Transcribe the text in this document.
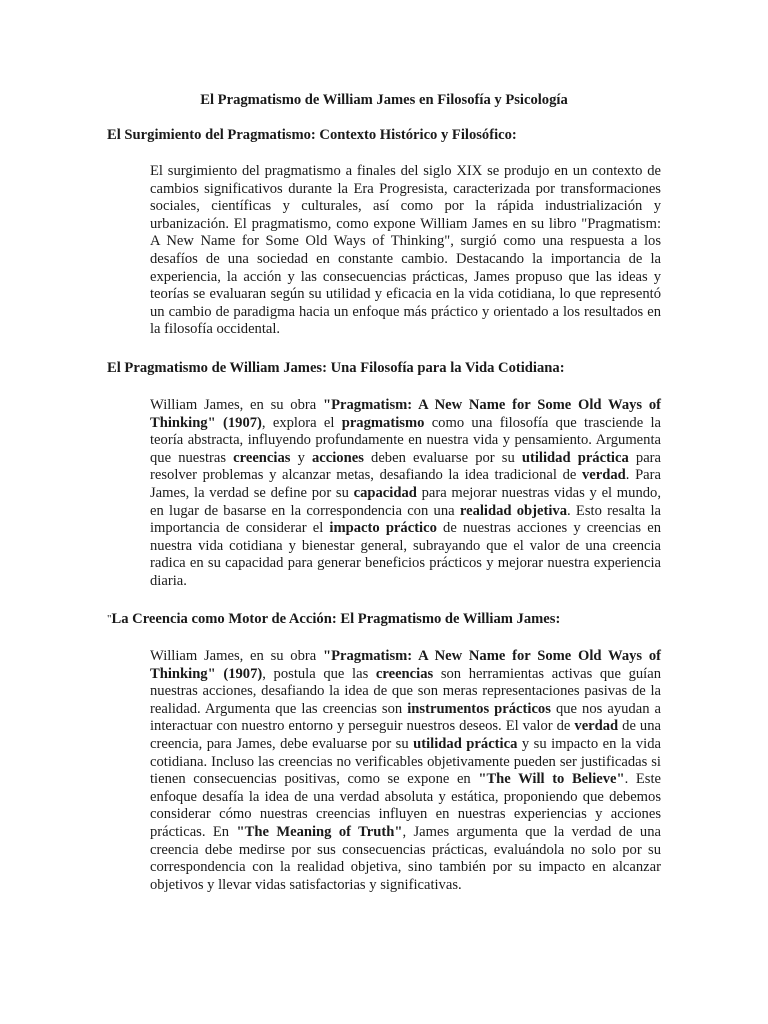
El Pragmatismo de William James en Filosofía y Psicología
El Surgimiento del Pragmatismo: Contexto Histórico y Filosófico:

El surgimiento del pragmatismo a finales del siglo XIX se produjo en un contexto de cambios significativos durante la Era Progresista, caracterizada por transformaciones sociales, científicas y culturales, así como por la rápida industrialización y urbanización. El pragmatismo, como expone William James en su libro "Pragmatism: A New Name for Some Old Ways of Thinking", surgió como una respuesta a los desafíos de una sociedad en constante cambio. Destacando la importancia de la experiencia, la acción y las consecuencias prácticas, James propuso que las ideas y teorías se evaluaran según su utilidad y eficacia en la vida cotidiana, lo que representó un cambio de paradigma hacia un enfoque más práctico y orientado a los resultados en la filosofía occidental.

El Pragmatismo de William James: Una Filosofía para la Vida Cotidiana:

William James, en su obra "Pragmatism: A New Name for Some Old Ways of Thinking" (1907), explora el pragmatismo como una filosofía que trasciende la teoría abstracta, influyendo profundamente en nuestra vida y pensamiento. Argumenta que nuestras creencias y acciones deben evaluarse por su utilidad práctica para resolver problemas y alcanzar metas, desafiando la idea tradicional de verdad. Para James, la verdad se define por su capacidad para mejorar nuestras vidas y el mundo, en lugar de basarse en la correspondencia con una realidad objetiva. Esto resalta la importancia de considerar el impacto práctico de nuestras acciones y creencias en nuestra vida cotidiana y bienestar general, subrayando que el valor de una creencia radica en su capacidad para generar beneficios prácticos y mejorar nuestra experiencia diaria.

"La Creencia como Motor de Acción: El Pragmatismo de William James:

William James, en su obra "Pragmatism: A New Name for Some Old Ways of Thinking" (1907), postula que las creencias son herramientas activas que guían nuestras acciones, desafiando la idea de que son meras representaciones pasivas de la realidad. Argumenta que las creencias son instrumentos prácticos que nos ayudan a interactuar con nuestro entorno y perseguir nuestros deseos. El valor de verdad de una creencia, para James, debe evaluarse por su utilidad práctica y su impacto en la vida cotidiana. Incluso las creencias no verificables objetivamente pueden ser justificadas si tienen consecuencias positivas, como se expone en "The Will to Believe". Este enfoque desafía la idea de una verdad absoluta y estática, proponiendo que debemos considerar cómo nuestras creencias influyen en nuestras experiencias y acciones prácticas. En "The Meaning of Truth", James argumenta que la verdad de una creencia debe medirse por sus consecuencias prácticas, evaluándola no solo por su correspondencia con la realidad objetiva, sino también por su impacto en alcanzar objetivos y llevar vidas satisfactorias y significativas.
